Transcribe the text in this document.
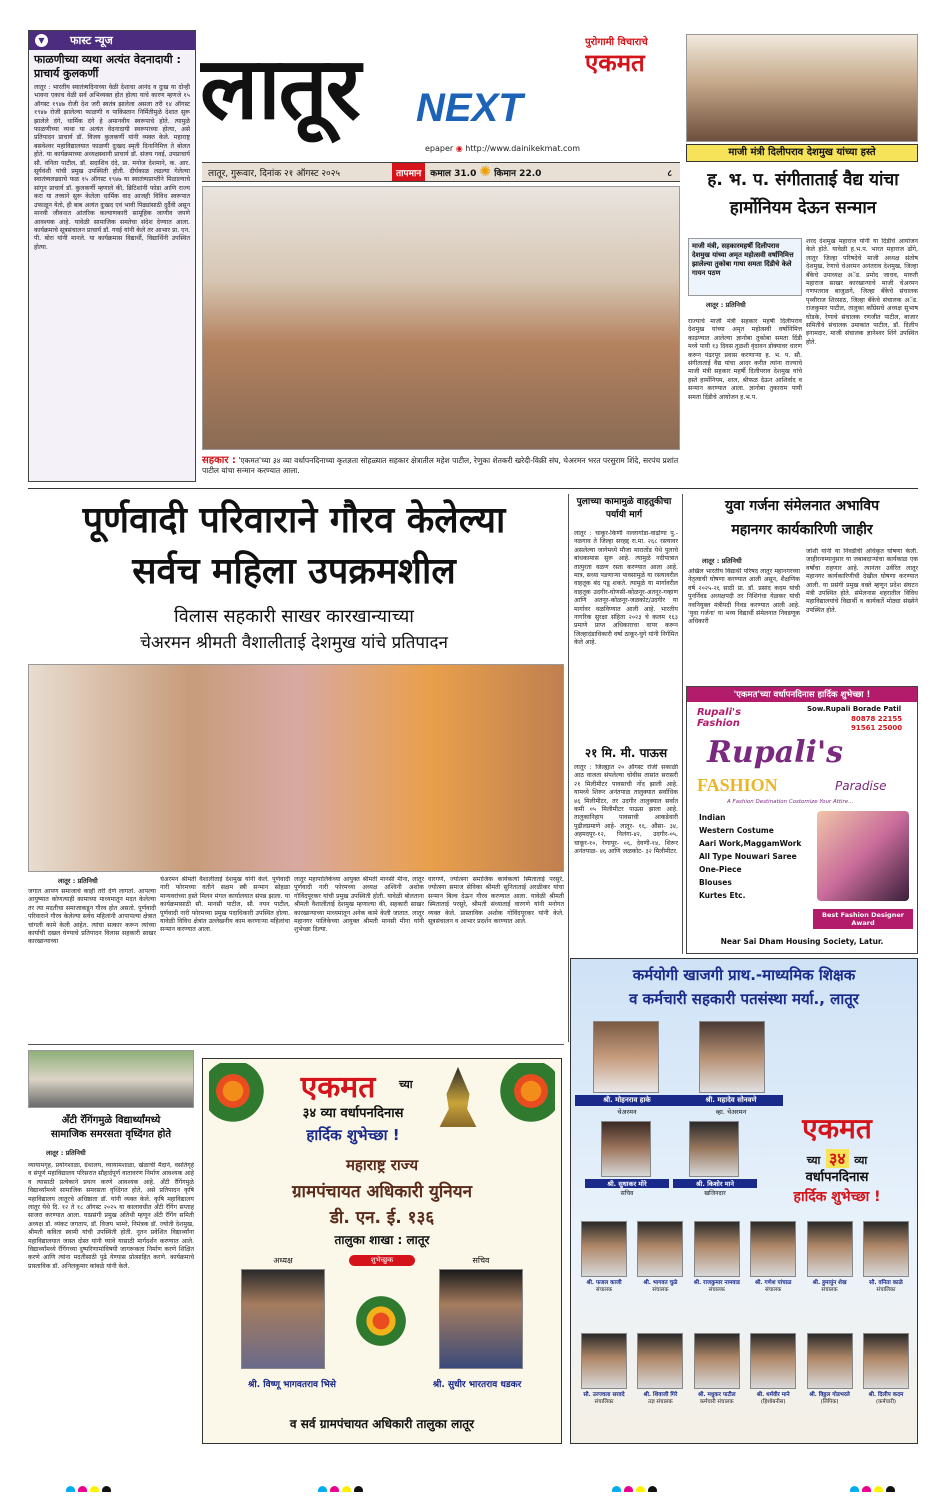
▼	फास्ट न्यूज
फाळणीच्या व्यथा अत्यंत वेदनादायी : प्राचार्य कुलकर्णी
लातूर : भारतीय स्वातंत्र्यदिनाच्या वेळी देशाचा आनंद व दुःख या दोन्ही भावना एकाच वेळी सर्व अभिव्यक्त होत होत्या याचे कारण म्हणजे १५ ऑगस्ट १९४७ रोजी देश जरी स्वतंत्र झालेला असला तरी १४ ऑगस्ट १९४७ रोजी झालेल्या फाळणी व पाकिस्तान निर्मितीमुळे देशात सुरू झालेले दंगे, धार्मिक दंगे हे अमानवीय स्वरूपाचे होते. त्यामुळे फाळणीच्या व्यथा या अत्यंत वेदनादायी स्वरूपाच्या होत्या, असे प्रतिपादन प्राचार्य डॉ. विजय कुलकर्णी यांनी व्यक्त केले. महाराष्ट्र बसवेश्वर महाविद्यालयात फाळणी दुःखद स्मृती दिनानिमित्त ते बोलत होते. या कार्यक्रमाच्या अध्यक्षस्थानी प्राचार्य डॉ. संजय गवई, उपप्राचार्य सौ. वनिता पाटील, डॉ. सदाशिव दंदे, प्रा. मनोज देशमाने, क. आर. सूर्यवंशी यांची प्रमुख उपस्थिती होती. दीर्घकाळ लढल्या गेलेल्या स्वातंत्र्यलढ्याचे फळ १५ ऑगस्ट १९४७ या स्वातंत्र्यप्राप्तीने मिळाल्याचे सांगून प्राचार्य डॉ. कुलकर्णी म्हणाले की, ब्रिटिशांनी फोडा आणि राज्य करा या तत्त्वाने सुरू केलेला धार्मिक वाद आजही विविध स्वरूपात उफाळून येतो, ही बाब अत्यंत दुःखद एवं भावी पिढ्यांसाठी दुर्दैवी असून मानवी जीवनात आंतरिक कल्याणकारी सामूहिक जाणीव जपणे आवश्यक आहे. यावेळी सामाजिक समतेचा संदेश देण्यात आला. कार्यक्रमाचे सूत्रसंचालन प्राचार्य डॉ. गवई यांनी केले तर आभार प्रा. एन. पी. बोरा यांनी मानले. या कार्यक्रमास विद्यार्थी, विद्यार्थिनी उपस्थित होत्या.
लातूर	NEXT
पुरोगामी विचाराचे
एकमत
epaper ◉ http://www.dainikekmat.com
लातूर, गुरूवार, दिनांक २१ ऑगस्ट २०२५	तापमान	कमाल 31.0 ✺ किमान 22.0	८
सहकार : 'एकमत'च्या ३४ व्या वर्धापनदिनाच्या कृतज्ञता सोहळ्यात सहकार क्षेत्रातील महेश पाटील, रेणुका शेतकरी खरेदी-विक्री संघ, चेअरमन भरत परसुराम शिंदे, सरपंच प्रशांत पाटील यांचा सन्मान करण्यात आला.
माजी मंत्री दिलीपराव देशमुख यांच्या हस्ते
ह. भ. प. संगीताताई वैद्य यांचा हार्मोनियम देऊन सन्मान
माजी मंत्री, सहकारमहर्षी दिलीपराव देशमुख यांच्या अमृत महोत्सवी वर्षानिमित्त झालेल्या तुकोबा गाथा समता दिंडीचे केले गायन पठण
लातूर : प्रतिनिधी
राज्याचे माजी मंत्री सहकार महर्षी दिलीपराव देशमुख यांच्या अमृत महोत्सवी वर्षानिमित्त काढण्यात आलेल्या ज्ञानोबा तुकोबा समता दिंडी मध्ये पायी १३ दिवस तुळशी वृंदावन डोक्यावर धारण करून पंढरपूर प्रवास करणाऱ्या ह. भ. प. सौ. संगीताताई वैद्य यांचा आदर करीत त्यांना राज्याचे माजी मंत्री सहकार महर्षी दिलीपराव देशमुख यांचे हस्ते हार्मोनियम, शाल, श्रीफळ देऊन आशिर्वाद व सन्मान करण्यात आला. ज्ञानोबा तुकाराम पायी समता दिंडीचे आयोजन ह.भ.प.
शरद देशमुख महाराज यांनी या दिंडीचे आयोजन केले होते. यावेळी ह.भ.प. भारत महाराज ढोंगे, लातूर जिल्हा परिषदेचे माजी अध्यक्ष संतोष देशमुख, रेणाचे चेअरमन अनंतराव देशमुख, जिल्हा बँकेचे उपाध्यक्ष अॅड. प्रमोद जाधव, मारुती महाराज साखर कारखान्याचे माजी चेअरमन गणपतराव बाजुळगे, जिल्हा बँकेचे संचालक पृथ्वीराज शिरसाठ, जिल्हा बँकेचे संचालक अॅड. राजकुमार पाटील, तालुका काँग्रेसचे अध्यक्ष सुभाष घोडके, रेणाचे संचालक रणजीत पाटील, बाजार समितीचे संचालक उमाकांत पाटील, डॉ. दिलीप इनामदार, माजी संचालक ज्ञानेश्वर शिंगे उपस्थित होते.
पूर्णवादी परिवाराने गौरव केलेल्या
सर्वच महिला उपक्रमशील
विलास सहकारी साखर कारखान्याच्या
चेअरमन श्रीमती वैशालीताई देशमुख यांचे प्रतिपादन
लातूर : प्रतिनिधी
जगात आपण समाजाचे काही तरी देणे लागतो. आपल्या आयुष्यात कोणत्याही कामाच्या माध्यमातून मदत केलेल्या तर त्या मदतीचा समाजाकडून गौरव होत असतो. पूर्णवादी परिवाराने गौरव केलेल्या सर्वच महिलांनी आपापल्या क्षेत्रात चांगली कामे केली आहेत. त्यांचा सत्कार करून त्यांच्या कार्याची दखल घेण्याचे प्रतिपादन विलास सहकारी साखर कारखान्याच्या
चेअरमन श्रीमती वैशालीताई देशमुख यांनी केले. पूर्णवादी नारी फोरमच्या वतीने सक्षम स्त्री सन्मान सोहळा मान्यवरांच्या हस्ते मिलन मंगल कार्यालयात संपन्न झाला. या कार्यक्रमासाठी सौ. मानसी पाटील, सौ. नयन पाटील, पूर्णवादी नारी फोरमच्या प्रमुख पदाधिकारी उपस्थित होत्या. यावेळी विविध क्षेत्रांत उल्लेखनीय काम करणाऱ्या महिलांचा सन्मान करण्यात आला.
लातूर महापालिकेच्या आयुक्त श्रीमती मानसी मीना, लातूर पूर्णवादी नारी फोरमच्या अध्यक्ष अश्विनी अशोक गोविंदपूरकर यांची प्रमुख उपस्थिती होती. यावेळी बोलताना श्रीमती वैशालीताई देशमुख म्हणाल्या की, सहकारी साखर कारखान्याच्या माध्यमातून अनेक कामे केली जातात. लातूर महानगर पालिकेच्या आयुक्त श्रीमती मानसी मीना यांनी शुभेच्छा दिल्या.
वारगणे, ज्योत्स्ना समाजिक कार्यकर्त्या स्मिताताई परसुरे, ज्योत्स्ना समाज सेविका श्रीमती सुनिताताई अरळीकर यांचा सन्मान बिल्व देऊन गौरव करण्यात आला. यावेळी श्रीमती स्मिताताई परसुरे, श्रीमती संध्याताई वारगणे यांनी मनोगत व्यक्त केले. प्रास्ताविक अशोक गोविंदपूरकर यांनी केले. सूत्रसंचालन व आभार प्रदर्शन करण्यात आले.
पुलाच्या कामामुळे वाहतुकीचा पर्यायी मार्ग
लातूर : चाकूर-किणी नल्लागोंडा-वाढोणा पु.-नळगाव ते जिल्हा सरहद्द रा.मा. २६८ रस्त्यावर असलेल्या जागेमध्ये मौजा मारातोंड येथे पुलाचे बांधकामास सुरू आहे. त्यामुळे नदीपात्रात तात्पुरता वळण रस्ता करण्यात आला आहे. मात्र, सध्या पडणाऱ्या पावसामुळे या रस्त्यावरील वाहतूक बंद पडू शकते. त्यामुळे या मार्गावरील वाहतूक उदगीर-घोणसी-कोळनूर-अतनूर-गव्हाण आणि अतनूर-कोळनूर-जळकोट/उदगीर या मार्गावर वळविण्यात आली आहे. भारतीय नागरिक सुरक्षा संहिता २०२३ चे कलम १६३ प्रमाणे प्राप्त अधिकाराचा वापर करून जिल्हादंडाधिकारी वर्षा ठाकूर-घुगे यांनी निर्गमित केले आहे.
२१ मि. मी. पाऊस
लातूर : जिल्ह्यात २० ऑगस्ट रोजी सकाळी आठ वाजता संपलेल्या चोवीस तासांत सरासरी २१ मिलीमीटर पावसाची नोंद झाली आहे. यामध्ये शिरूर अनंतपाळ तालुक्यात सर्वाधिक ४६ मिलीमीटर, तर उदगीर तालुक्यात सर्वात कमी ०५ मिलीमीटर पाऊस झाला आहे. तालुकानिहाय पावसाची आकडेवारी पुढीलप्रमाणे आहे- लातूर- १६, औसा- ३४, अहमदपूर-१२, निलंगा-४२, उदगीर-०५, चाकूर-१०, रेणापूर- ०६, देवणी-१४, शिरूर अनंतपाळ- ४६ आणि जळकोट- ३२ मिलीमीटर.
युवा गर्जना संमेलनात अभाविप
महानगर कार्यकारिणी जाहीर
लातूर : प्रतिनिधी
अखिल भारतीय विद्यार्थी परिषद लातूर महानगरच्या नेतृत्वाची घोषणा करण्यात आली असून, शैक्षणिक वर्ष २०२५-२६ साठी प्रा. डॉ. प्रसाद कदम यांची पुनर्निवड अध्यक्षपदी तर निशिगंधा येळकर यांची नवनियुक्त मंत्रीपदी निवड करण्यात आली आहे. 'युवा गर्जना' या भव्य विद्यार्थी संमेलनात निवडणूक अधिकारी
जोशी यांनी या निवडीची अधिकृत घोषणा केली. जाहीरनाम्यानुसार या जबाबदाऱ्यांचा कार्यकाळ एक वर्षांचा राहणार आहे. त्यानंतर उर्वरित लातूर महानगर कार्यकारिणीची देखील घोषणा करण्यात आली. या प्रसंगी प्रमुख वक्ते म्हणून प्रदेश संघटन मंत्री उपस्थित होते. संमेलनास शहरातील विविध महाविद्यालयांचे विद्यार्थी व कार्यकर्ते मोठ्या संख्येने उपस्थित होते.
'एकमत'च्या वर्धापनदिनास हार्दिक शुभेच्छा !
Rupali's Fashion
Sow.Rupali Borade Patil
80878 22155
91561 25000
Rupali's
FASHION	Paradise
A Fashion Destination Costomize Your Attire...
Indian
Western Costume
Aari Work,MaggamWork
All Type Nouwari Saree
One-Piece
Blouses
Kurtes Etc.
Best Fashion Designer Award
Near Sai Dham Housing Society, Latur.
कर्मयोगी खाजगी प्राथ.-माध्यमिक शिक्षक
व कर्मचारी सहकारी पतसंस्था मर्या., लातूर
श्री. मोहनराव हाके
चेअरमन
श्री. महादेव सोनवणे
व्हा. चेअरमन
श्री. सुधाकर मोरे
सचिव
श्री. किशोर माने
खजिनदार
एकमत
च्या ३४ व्या
वर्धापनदिनास
हार्दिक शुभेच्छा !
श्री. फजल काजी
संचालक
श्री. भागवत चुळे
संचालक
श्री. राजकुमार नामवाड
संचालक
श्री. गणेश पांचाळ
संचालक
श्री. हुमायुंन शेख
संचालक
सौ. वनिता काळे
संचालिका
सौ. उज्ज्वला सरवदे
संचालिका
श्री. शिवाजी गिरे
तज्ञ संचालक
श्री. मधुकर पाटील
कर्मचारी संचालक
श्री. धर्मवीर माने
(हिशोबनीस)
श्री. विठ्ठल गोडभरले
(लिपिक)
श्री. दिलीप कदम
(कर्मचारी)
अँटी रॅगिंगमुळे विद्यार्थ्यांमध्ये
सामाजिक समरसता वृध्दिंगत होते
लातूर : प्रतिनिधी
व्यायामगृह, प्रयोगशाळा, ग्रंथालय, व्यायामशाळा, खेळाची मैदाने, वसतिगृहे व संपूर्ण महाविद्यालय परिसरात सौहार्दपूर्ण वातावरण निर्माण आवश्यक आहे व त्यासाठी प्रत्येकाने प्रयत्न करणे आवश्यक आहे. अँटी रॅगिंगमुळे विद्यार्थ्यांमध्ये सामाजिक समरसता वृध्दिंगत होते, असे प्रतिपादन कृषि महाविद्यालय लातूरचे अधिष्ठाता डॉ. यांनी व्यक्त केले. कृषि महाविद्यालय लातूर येथे दि. १२ ते १८ ऑगस्ट २०२५ या कालावधीत अँटी रॅगिंग सप्ताह साजरा करण्यात आला. याप्रसंगी प्रमुख अतिथी म्हणून अँटी रॅगिंग समिती अध्यक्ष डॉ. व्यंकट जगताप, डॉ. विजय भामरे, निमंत्रक डॉ. ज्योती देशमुख, श्रीमती कविता स्वामी यांची उपस्थिती होती. नूतन प्रवेशित विद्यार्थ्यांना महाविद्यालयात जास्त दोस्त यांनी घ्यावे यासाठी मार्गदर्शन करण्यात आले. विद्यार्थ्यांमध्ये रॅगिंगच्या दुष्परिणामांविषयी जागरूकता निर्माण करणे शिक्षित करणे आणि त्यांना मदतीसाठी पुढे येण्यास प्रोत्साहित करणे. कार्यक्रमाचे प्रास्ताविक डॉ. अनिलकुमार कांबळे यांनी केले.
एकमत	च्या
३४ व्या वर्धापनदिनास
हार्दिक शुभेच्छा !
महाराष्ट्र राज्य
ग्रामपंचायत अधिकारी युनियन
डी. एन. ई. १३६
तालुका शाखा : लातूर
अध्यक्ष	शुभेच्छुक	सचिव
श्री. विष्णू भागवतराव भिसे	श्री. सुधीर भारतराव धडकर
व सर्व ग्रामपंचायत अधिकारी तालुका लातूर
